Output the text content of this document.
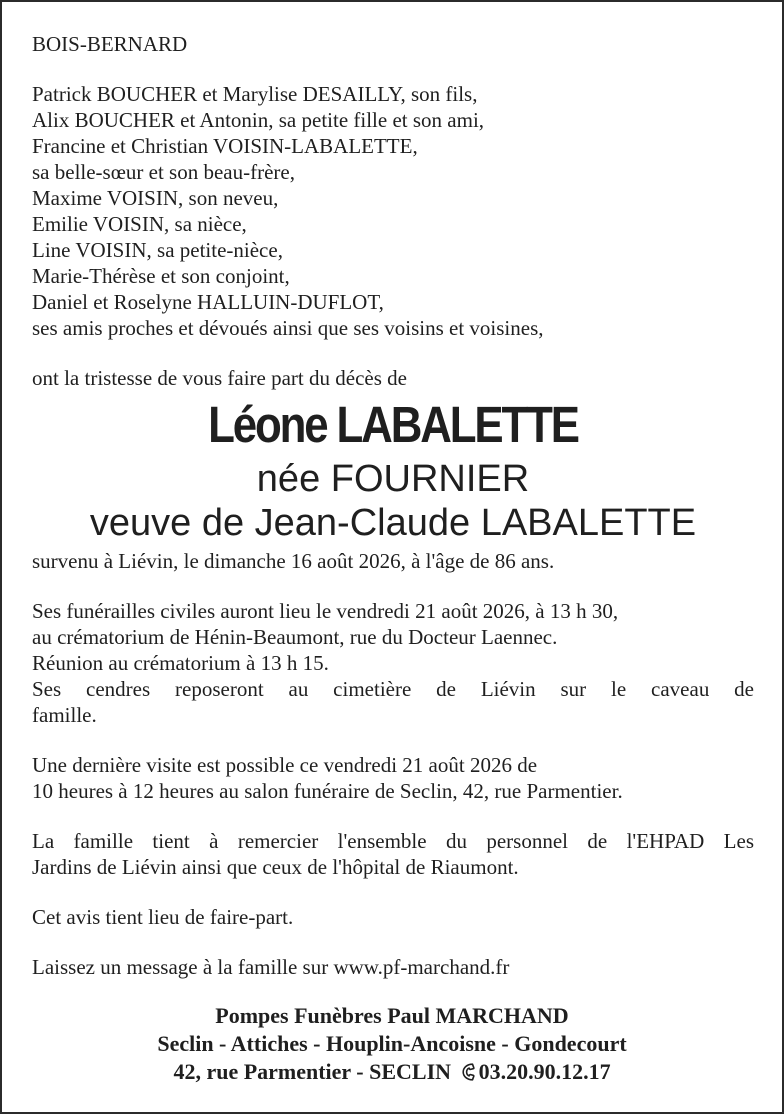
BOIS-BERNARD
Patrick BOUCHER et Marylise DESAILLY, son fils,
Alix BOUCHER et Antonin, sa petite fille et son ami,
Francine et Christian VOISIN-LABALETTE,
sa belle-sœur et son beau-frère,
Maxime VOISIN, son neveu,
Emilie VOISIN, sa nièce,
Line VOISIN, sa petite-nièce,
Marie-Thérèse et son conjoint,
Daniel et Roselyne HALLUIN-DUFLOT,
ses amis proches et dévoués ainsi que ses voisins et voisines,
ont la tristesse de vous faire part du décès de
Léone LABALETTE
née FOURNIER
veuve de Jean-Claude LABALETTE
survenu à Liévin, le dimanche 16 août 2026, à l'âge de 86 ans.
Ses funérailles civiles auront lieu le vendredi 21 août 2026, à 13 h 30,
au crématorium de Hénin-Beaumont, rue du Docteur Laennec.
Réunion au crématorium à 13 h 15.
Ses cendres reposeront au cimetière de Liévin sur le caveau de
famille.
Une dernière visite est possible ce vendredi 21 août 2026 de
10 heures à 12 heures au salon funéraire de Seclin, 42, rue Parmentier.
La famille tient à remercier l'ensemble du personnel de l'EHPAD Les
Jardins de Liévin ainsi que ceux de l'hôpital de Riaumont.
Cet avis tient lieu de faire-part.
Laissez un message à la famille sur www.pf-marchand.fr
Pompes Funèbres Paul MARCHAND
Seclin - Attiches - Houplin-Ancoisne - Gondecourt
42, rue Parmentier - SECLIN 03.20.90.12.17
